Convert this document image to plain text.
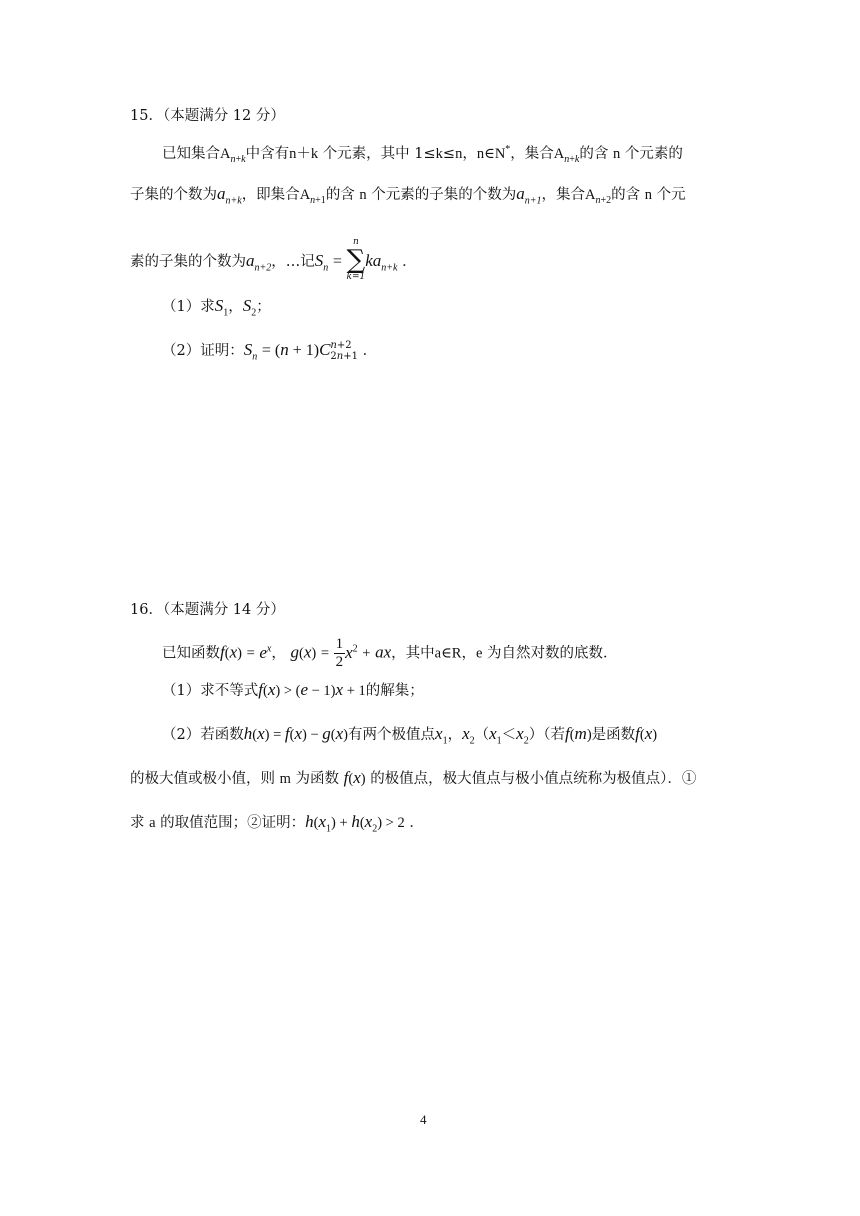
15．（本题满分 12 分）
已知集合$A_{n+k}$中含有n＋k 个元素，其中 1≤k≤n，n∈N*，集合$A_{n+k}$的含 n 个元素的
子集的个数为$a_{n+k}$，即集合$A_{n+1}$的含 n 个元素的子集的个数为$a_{n+1}$，集合$A_{n+2}$的含 n 个元
素的子集的个数为$a_{n+2}$，…记$S_n$ =
n
∑
k=1
$ka_{n+k}$ ．
（1）求$S_1$，$S_2$；
（2）证明：$S_n = (n + 1)C$ n+2
2n+1 ．
16．（本题满分 14 分）
已知函数$f(x) = e^x$， $g(x) = \frac{1}{2} x^2$ + ax，其中a∈R，e 为自然对数的底数．
（1）求不等式f(x) > (e − 1)x + 1的解集；
（2）若函数h(x) = f(x) − g(x)有两个极值点$x_1$，$x_2(x_1<x_2)$（若f(m)是函数f(x)
的极大值或极小值，则 m 为函数 f(x) 的极值点，极大值点与极小值点统称为极值点）．①
求 a 的取值范围；②证明：$h(x_1) + h(x_2) > 2$ ．
4
